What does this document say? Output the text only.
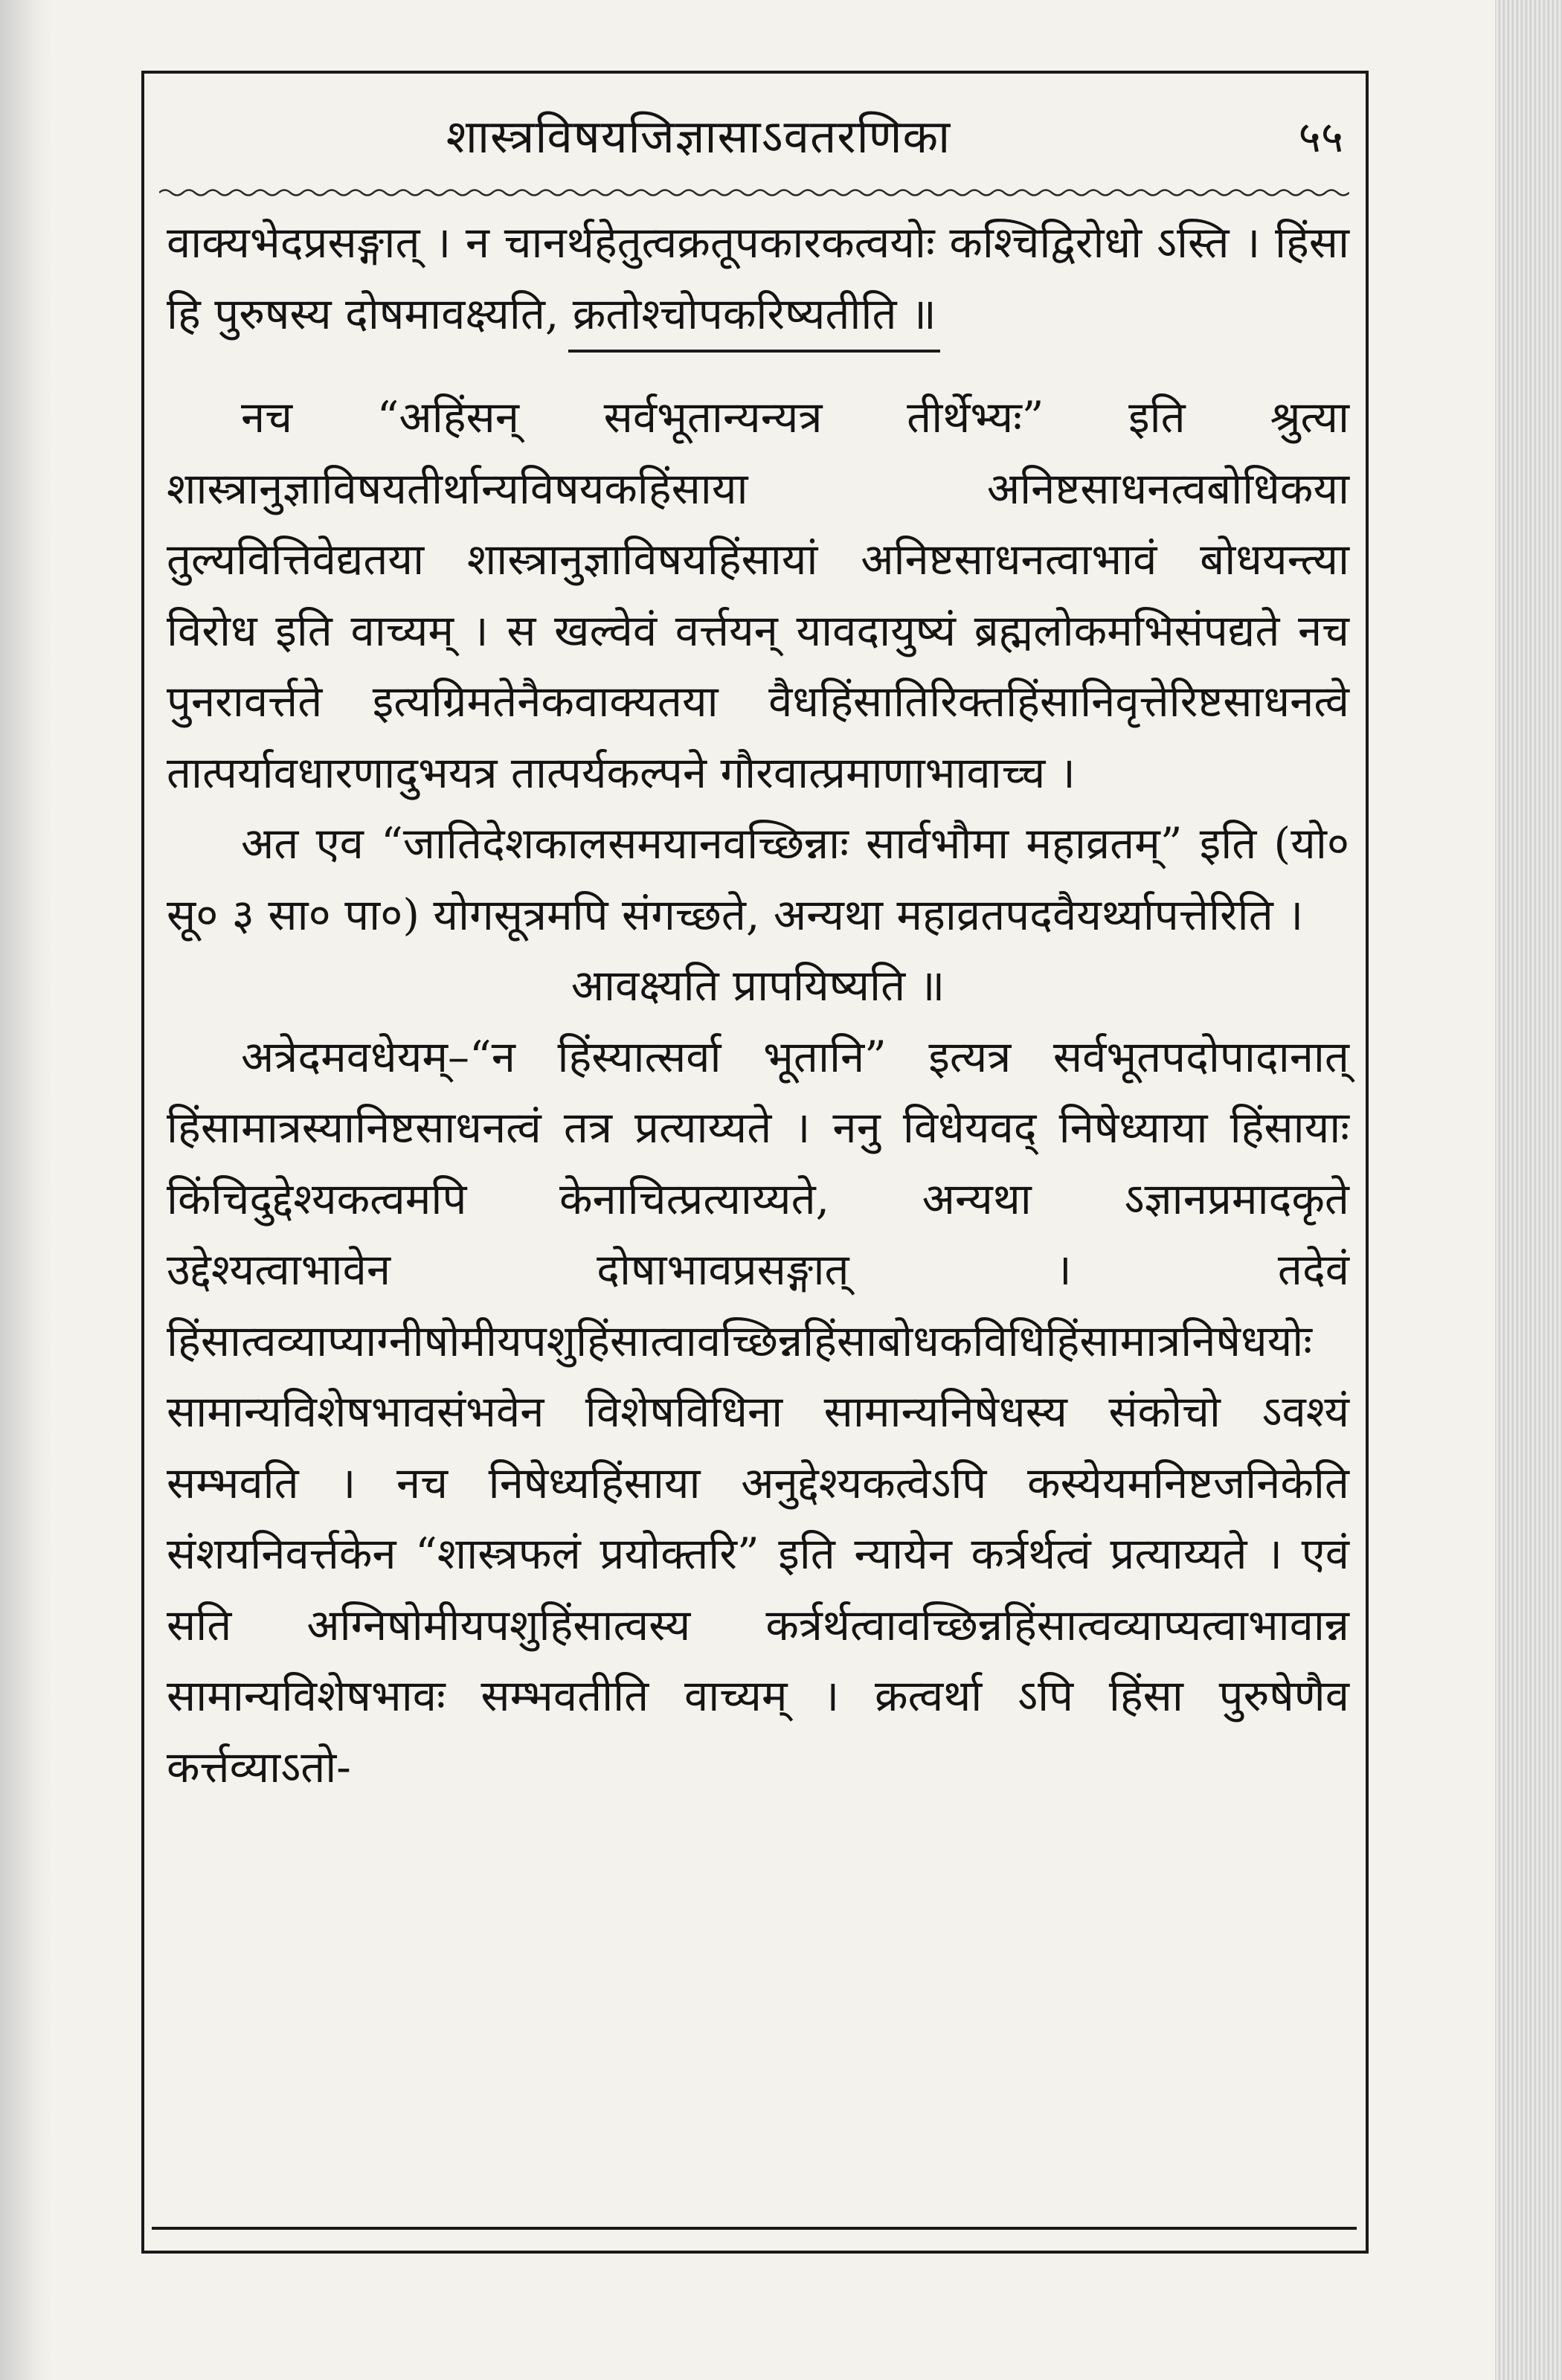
शास्त्रविषयजिज्ञासाऽवतरणिका	५५

वाक्यभेदप्रसङ्गात् । न चानर्थहेतुत्वक्रतूपकारकत्वयोः कश्चिद्विरोधो ऽस्ति । हिंसा हि पुरुषस्य दोषमावक्ष्यति, क्रतोश्चोपकरिष्यतीति ॥

नच “अहिंसन् सर्वभूतान्यन्यत्र तीर्थेभ्यः” इति श्रुत्या शास्त्रानुज्ञाविषयतीर्थान्यविषयकहिंसाया अनिष्टसाधनत्वबोधिकया तुल्यवित्तिवेद्यतया शास्त्रानुज्ञाविषयहिंसायां अनिष्टसाधनत्वाभावं बोधयन्त्या विरोध इति वाच्यम् । स खल्वेवं वर्त्तयन् यावदायुष्यं ब्रह्मलोकमभिसंपद्यते नच पुनरावर्त्तते इत्यग्रिमतेनैकवाक्यतया वैधहिंसातिरिक्तहिंसानिवृत्तेरिष्टसाधनत्वे तात्पर्यावधारणादुभयत्र तात्पर्यकल्पने गौरवात्प्रमाणाभावाच्च ।

अत एव “जातिदेशकालसमयानवच्छिन्नाः सार्वभौमा महाव्रतम्” इति (यो० सू० ३ सा० पा०) योगसूत्रमपि संगच्छते, अन्यथा महाव्रतपदवैयर्थ्यापत्तेरिति ।

आवक्ष्यति प्रापयिष्यति ॥

अत्रेदमवधेयम्–“न हिंस्यात्सर्वा भूतानि” इत्यत्र सर्वभूतपदोपादानात् हिंसामात्रस्यानिष्टसाधनत्वं तत्र प्रत्याय्यते । ननु विधेयवद् निषेध्याया हिंसायाः किंचिदुद्देश्यकत्वमपि केनाचित्प्रत्याय्यते, अन्यथा ऽज्ञानप्रमादकृते उद्देश्यत्वाभावेन दोषाभावप्रसङ्गात् । तदेवं हिंसात्वव्याप्याग्नीषोमीयपशुहिंसात्वावच्छिन्नहिंसाबोधकविधिहिंसामात्रनिषेधयोः सामान्यविशेषभावसंभवेन विशेषविधिना सामान्यनिषेधस्य संकोचो ऽवश्यं सम्भवति । नच निषेध्यहिंसाया अनुद्देश्यकत्वेऽपि कस्येयमनिष्टजनिकेति संशयनिवर्त्तकेन “शास्त्रफलं प्रयोक्तरि” इति न्यायेन कर्त्रर्थत्वं प्रत्याय्यते । एवं सति अग्निषोमीयपशुहिंसात्वस्य कर्त्रर्थत्वावच्छिन्नहिंसात्वव्याप्यत्वाभावान्न सामान्यविशेषभावः सम्भवतीति वाच्यम् । क्रत्वर्था ऽपि हिंसा पुरुषेणैव कर्त्तव्याऽतो-
